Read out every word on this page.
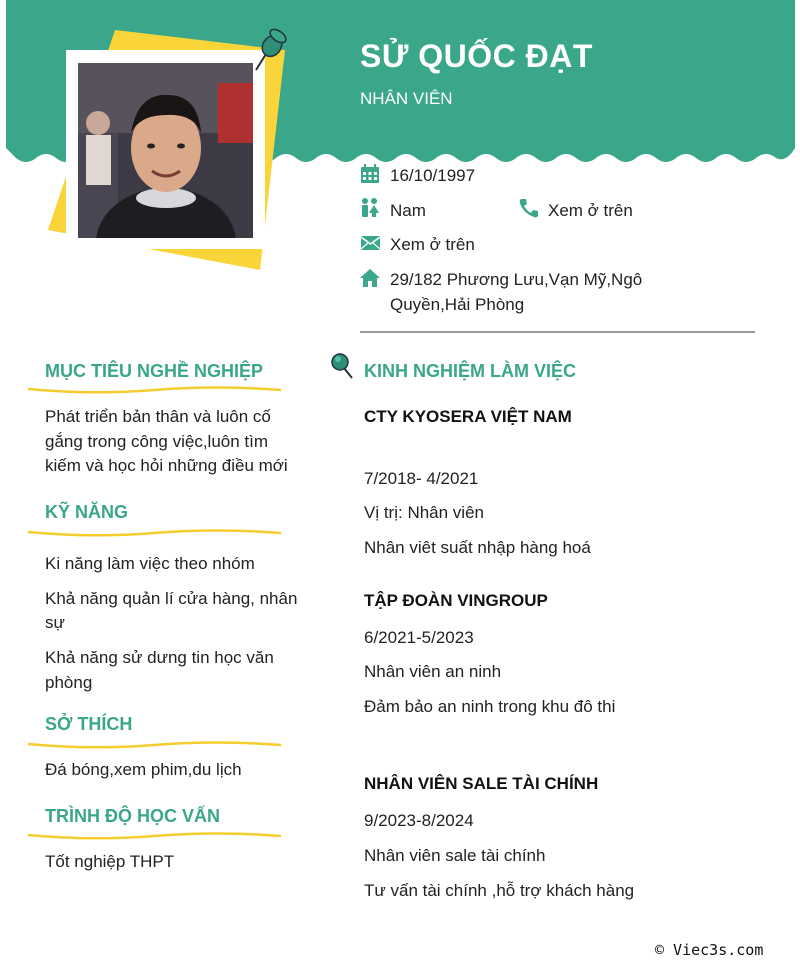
SỬ QUỐC ĐẠT
NHÂN VIÊN
16/10/1997
Nam	Xem ở trên
Xem ở trên
29/182 Phương Lưu,Vạn Mỹ,Ngô
Quyền,Hải Phòng
MỤC TIÊU NGHỀ NGHIỆP
Phát triển bản thân và luôn cố
gắng trong công việc,luôn tìm
kiếm và học hỏi những điều mới
KỸ NĂNG
Ki năng làm việc theo nhóm
Khả năng quản lí cửa hàng, nhân
sự
Khả năng sử dưng tin học văn
phòng
SỞ THÍCH
Đá bóng,xem phim,du lịch
TRÌNH ĐỘ HỌC VẤN
Tốt nghiệp THPT
KINH NGHIỆM LÀM VIỆC
CTY KYOSERA VIỆT NAM
7/2018- 4/2021
Vị trị: Nhân viên
Nhân viêt suất nhập hàng hoá
TẬP ĐOÀN VINGROUP
6/2021-5/2023
Nhân viên an ninh
Đảm bảo an ninh trong khu đô thi
NHÂN VIÊN SALE TÀI CHÍNH
9/2023-8/2024
Nhân viên sale tài chính
Tư vấn tài chính ,hỗ trợ khách hàng
© Viec3s.com
